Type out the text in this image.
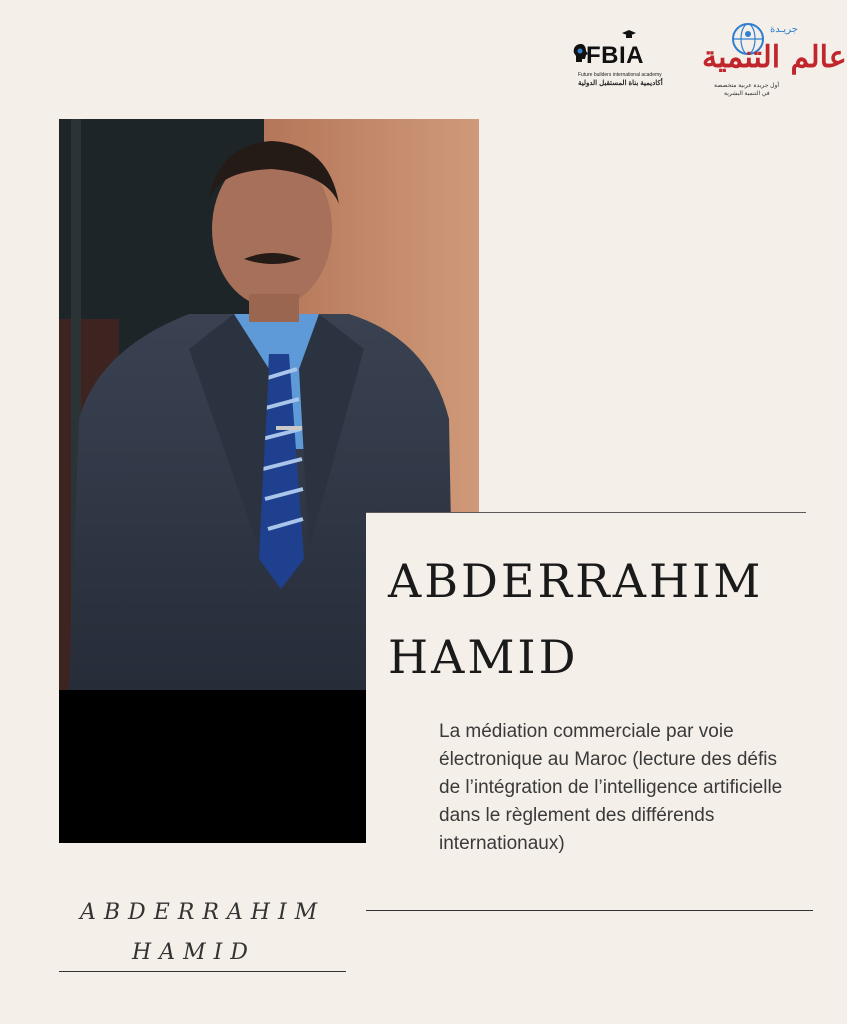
FBIA
Future builders international academy
أكاديمية بناة المستقبل الدولية
جريـدة
عالم التنمية
أول جريدة عربية متخصصة
في التنمية البشرية
ABDERRAHIM
HAMID
La médiation commerciale par voie électronique au Maroc (lecture des défis de l’intégration de l’intelligence artificielle dans le règlement des différends internationaux)
ABDERRAHIM
HAMID
